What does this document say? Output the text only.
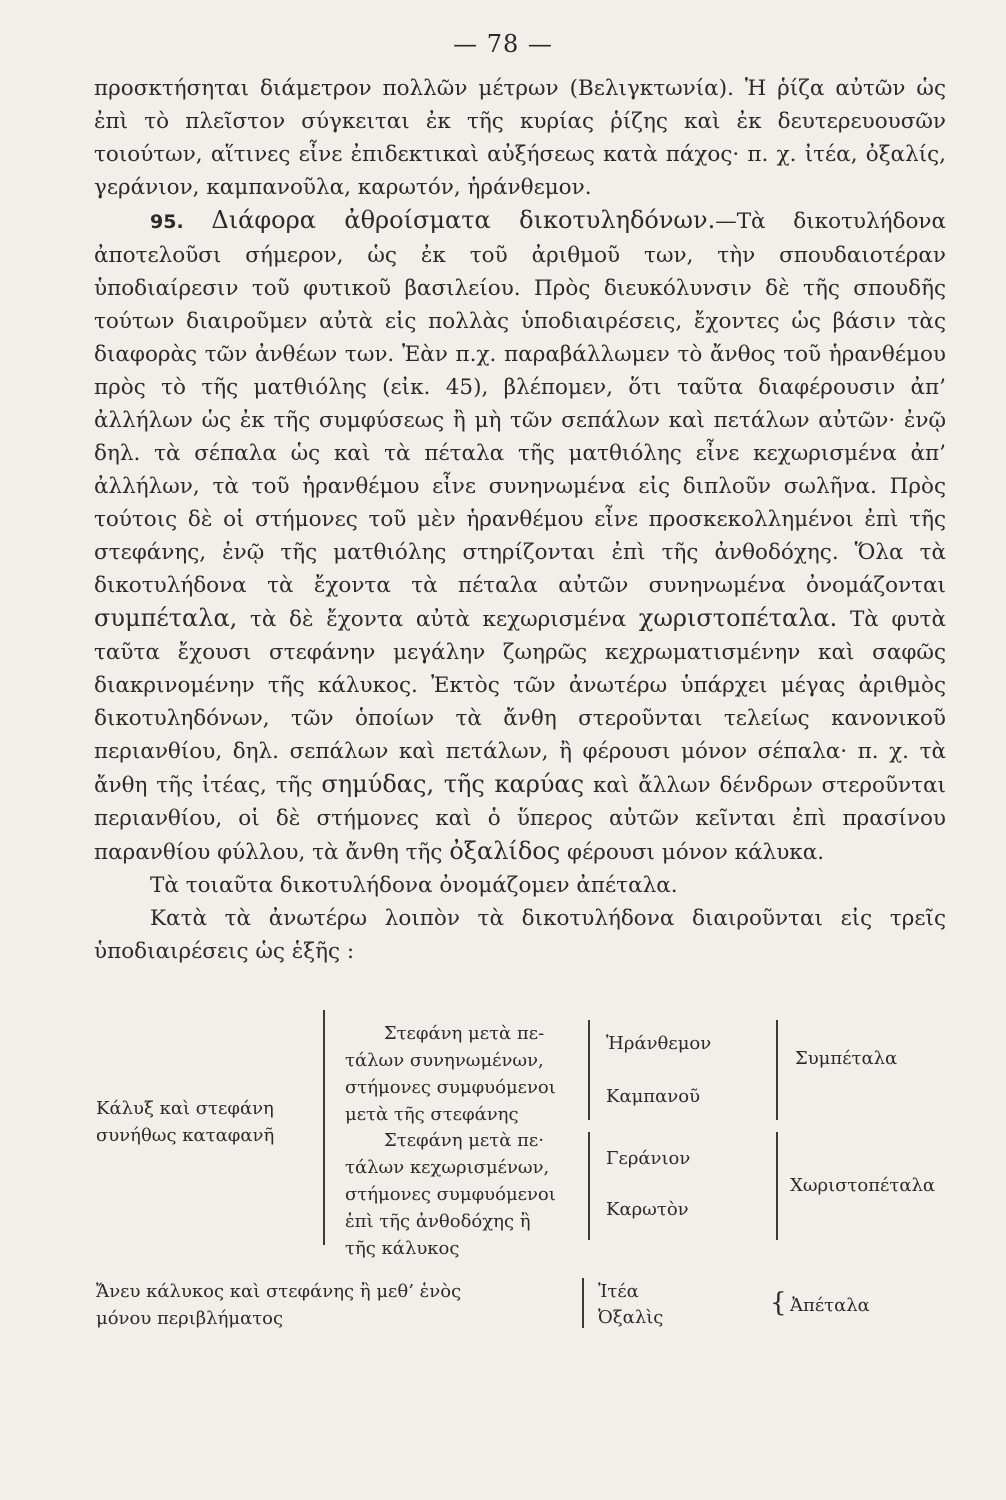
— 78 —

προσκτήσηται διάμετρον πολλῶν μέτρων (Βελιγκτωνία). Ἡ ῥίζα αὐτῶν ὡς ἐπὶ τὸ πλεῖστον σύγκειται ἐκ τῆς κυρίας ῥίζης καὶ ἐκ δευτερευουσῶν τοιούτων, αἵτινες εἶνε ἐπιδεκτικαὶ αὐξήσεως κατὰ πάχος· π. χ. ἰτέα, ὀξαλίς, γεράνιον, καμπανοῦλα, καρωτόν, ἡράνθεμον.

95. Διάφορα ἀθροίσματα δικοτυληδόνων.—Τὰ δικοτυλήδονα ἀποτελοῦσι σήμερον, ὡς ἐκ τοῦ ἀριθμοῦ των, τὴν σπουδαιοτέραν ὑποδιαίρεσιν τοῦ φυτικοῦ βασιλείου. Πρὸς διευκόλυνσιν δὲ τῆς σπουδῆς τούτων διαιροῦμεν αὐτὰ εἰς πολλὰς ὑποδιαιρέσεις, ἔχοντες ὡς βάσιν τὰς διαφορὰς τῶν ἀνθέων των. Ἐὰν π.χ. παραβάλλωμεν τὸ ἄνθος τοῦ ἡρανθέμου πρὸς τὸ τῆς ματθιόλης (εἰκ. 45), βλέπομεν, ὅτι ταῦτα διαφέρουσιν ἀπ’ ἀλλήλων ὡς ἐκ τῆς συμφύσεως ἢ μὴ τῶν σεπάλων καὶ πετάλων αὐτῶν· ἐνῷ δηλ. τὰ σέπαλα ὡς καὶ τὰ πέταλα τῆς ματθιόλης εἶνε κεχωρισμένα ἀπ’ ἀλλήλων, τὰ τοῦ ἡρανθέμου εἶνε συνηνωμένα εἰς διπλοῦν σωλῆνα. Πρὸς τούτοις δὲ οἱ στήμονες τοῦ μὲν ἡρανθέμου εἶνε προσκεκολλημένοι ἐπὶ τῆς στεφάνης, ἐνῷ τῆς ματθιόλης στηρίζονται ἐπὶ τῆς ἀνθοδόχης. Ὅλα τὰ δικοτυλήδονα τὰ ἔχοντα τὰ πέταλα αὐτῶν συνηνωμένα ὀνομάζονται συμπέταλα, τὰ δὲ ἔχοντα αὐτὰ κεχωρισμένα χωριστοπέταλα. Τὰ φυτὰ ταῦτα ἔχουσι στεφάνην μεγάλην ζωηρῶς κεχρωματισμένην καὶ σαφῶς διακρινομένην τῆς κάλυκος. Ἐκτὸς τῶν ἀνωτέρω ὑπάρχει μέγας ἀριθμὸς δικοτυληδόνων, τῶν ὁποίων τὰ ἄνθη στεροῦνται τελείως κανονικοῦ περιανθίου, δηλ. σεπάλων καὶ πετάλων, ἢ φέρουσι μόνον σέπαλα· π. χ. τὰ ἄνθη τῆς ἰτέας, τῆς σημύδας, τῆς καρύας καὶ ἄλλων δένδρων στεροῦνται περιανθίου, οἱ δὲ στήμονες καὶ ὁ ὕπερος αὐτῶν κεῖνται ἐπὶ πρασίνου παρανθίου φύλλου, τὰ ἄνθη τῆς ὀξαλίδος φέρουσι μόνον κάλυκα.

Τὰ τοιαῦτα δικοτυλήδονα ὀνομάζομεν ἀπέταλα.

Κατὰ τὰ ἀνωτέρω λοιπὸν τὰ δικοτυλήδονα διαιροῦνται εἰς τρεῖς ὑποδιαιρέσεις ὡς ἑξῆς :

Κάλυξ καὶ στεφάνη
συνήθως καταφανῆ
Στεφάνη μετὰ πε-
τάλων συνηνωμένων,
στήμονες συμφυόμενοι
μετὰ τῆς στεφάνης
Στεφάνη μετὰ πε·
τάλων κεχωρισμένων,
στήμονες συμφυόμενοι
ἐπὶ τῆς ἀνθοδόχης ἢ
τῆς κάλυκος
Ἡράνθεμον
Καμπανοῦ
Γεράνιον
Καρωτὸν
Συμπέταλα
Χωριστοπέταλα
Ἄνευ κάλυκος καὶ στεφάνης ἢ μεθ’ ἑνὸς
μόνου περιβλήματος
Ἰτέα
Ὀξαλὶς	{ Ἀπέταλα
